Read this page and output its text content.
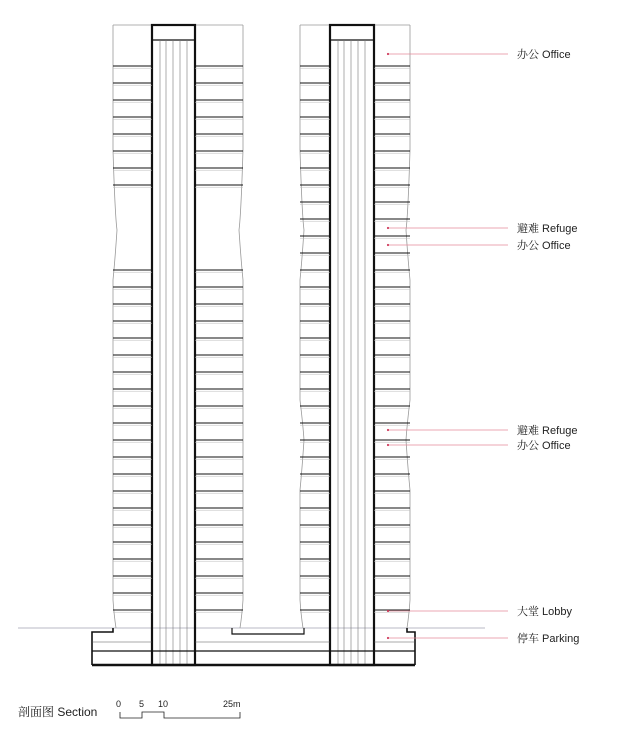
办公 Office
避难 Refuge
办公 Office
避难 Refuge
办公 Office
大堂 Lobby
停车 Parking
剖面图 Section
0 5 10	25m
